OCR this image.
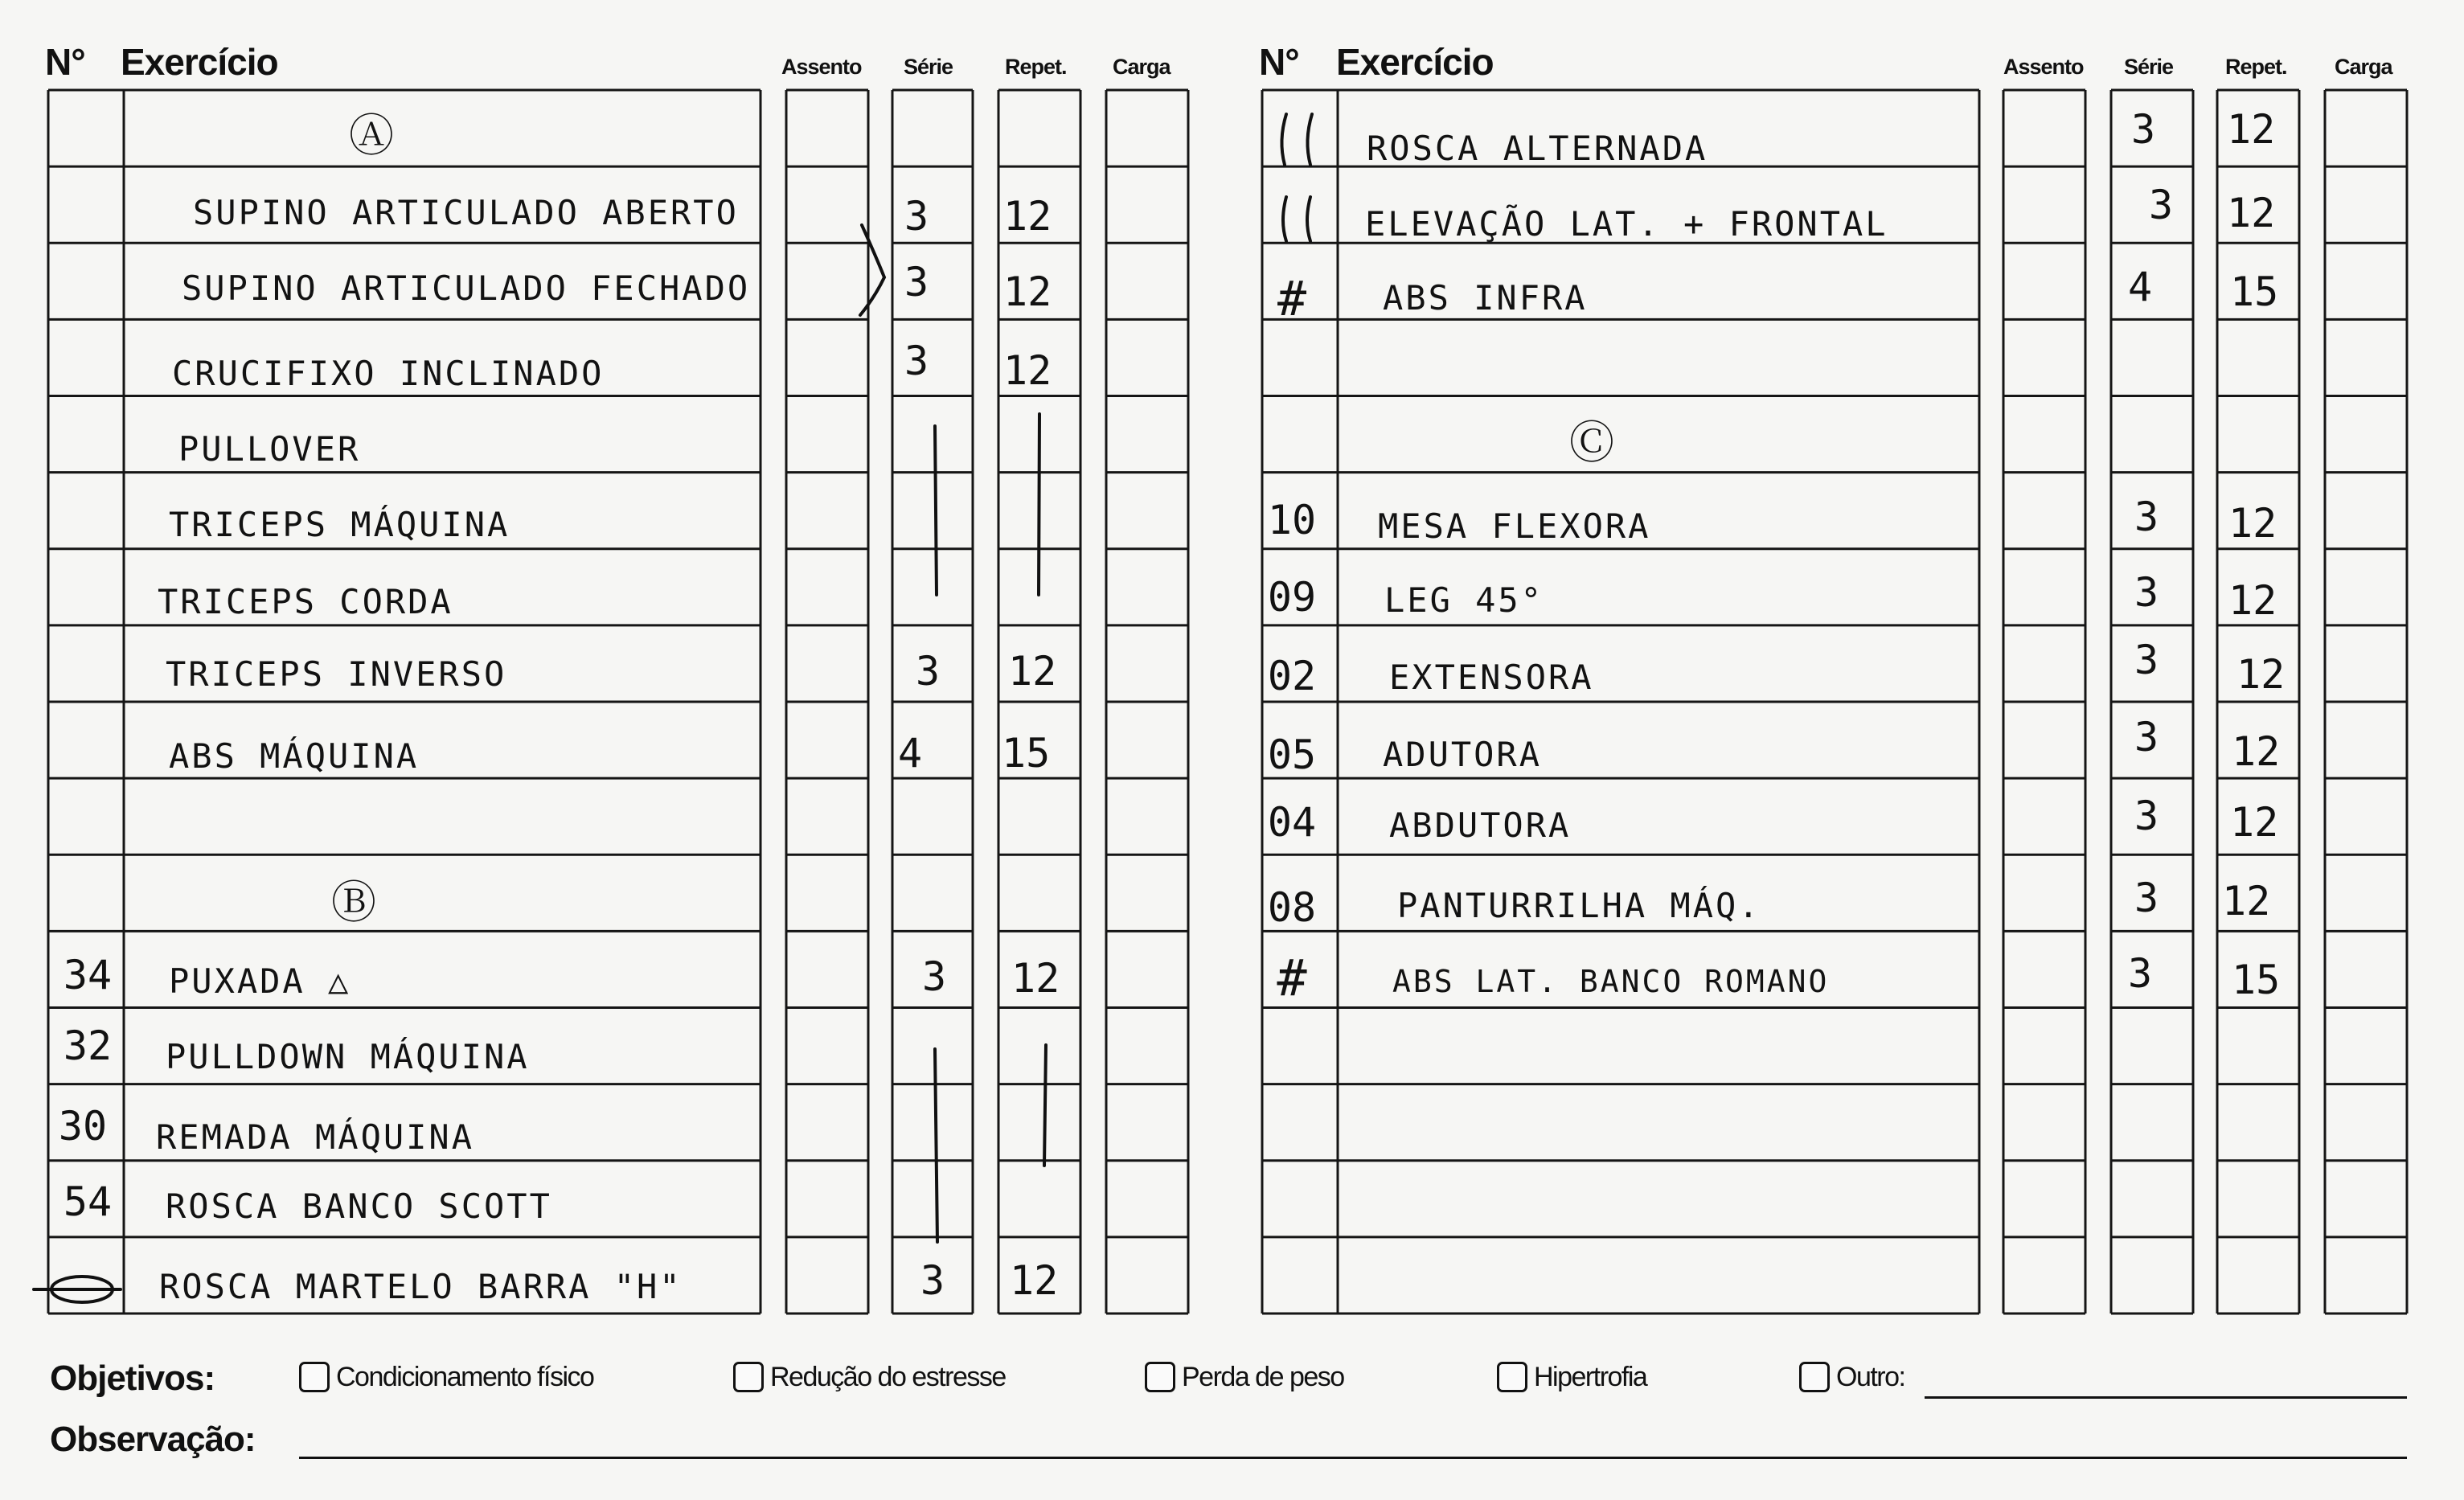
N° Exercício	Assento Série Repet. Carga N° Exercício	Assento Série Repet. Carga
Ⓐ
SUPINO ARTICULADO ABERTO	3 12
SUPINO ARTICULADO FECHADO	3 12
CRUCIFIXO INCLINADO	3 12
PULLOVER
TRICEPS MÁQUINA
TRICEPS CORDA
TRICEPS INVERSO	3 12
ABS MÁQUINA	4 15
Ⓑ
34	PUXADA △	3 12
32	PULLDOWN MÁQUINA
30	REMADA MÁQUINA
54	ROSCA BANCO SCOTT
ROSCA MARTELO BARRA "H"	3 12
ROSCA ALTERNADA	3 12
ELEVAÇÃO LAT. + FRONTAL	3 12
#	ABS INFRA	4 15
Ⓒ
10 MESA FLEXORA	3 12
09 LEG 45°	3 12
02 EXTENSORA	3 12
05 ADUTORA	3 12
04 ABDUTORA	3 12
08 PANTURRILHA MÁQ.	3 12
#	ABS LAT. BANCO ROMANO	3 15
Objetivos:	Condicionamento físico	Redução do estresse	Perda de peso	Hipertrofia	Outro:
Observação:
